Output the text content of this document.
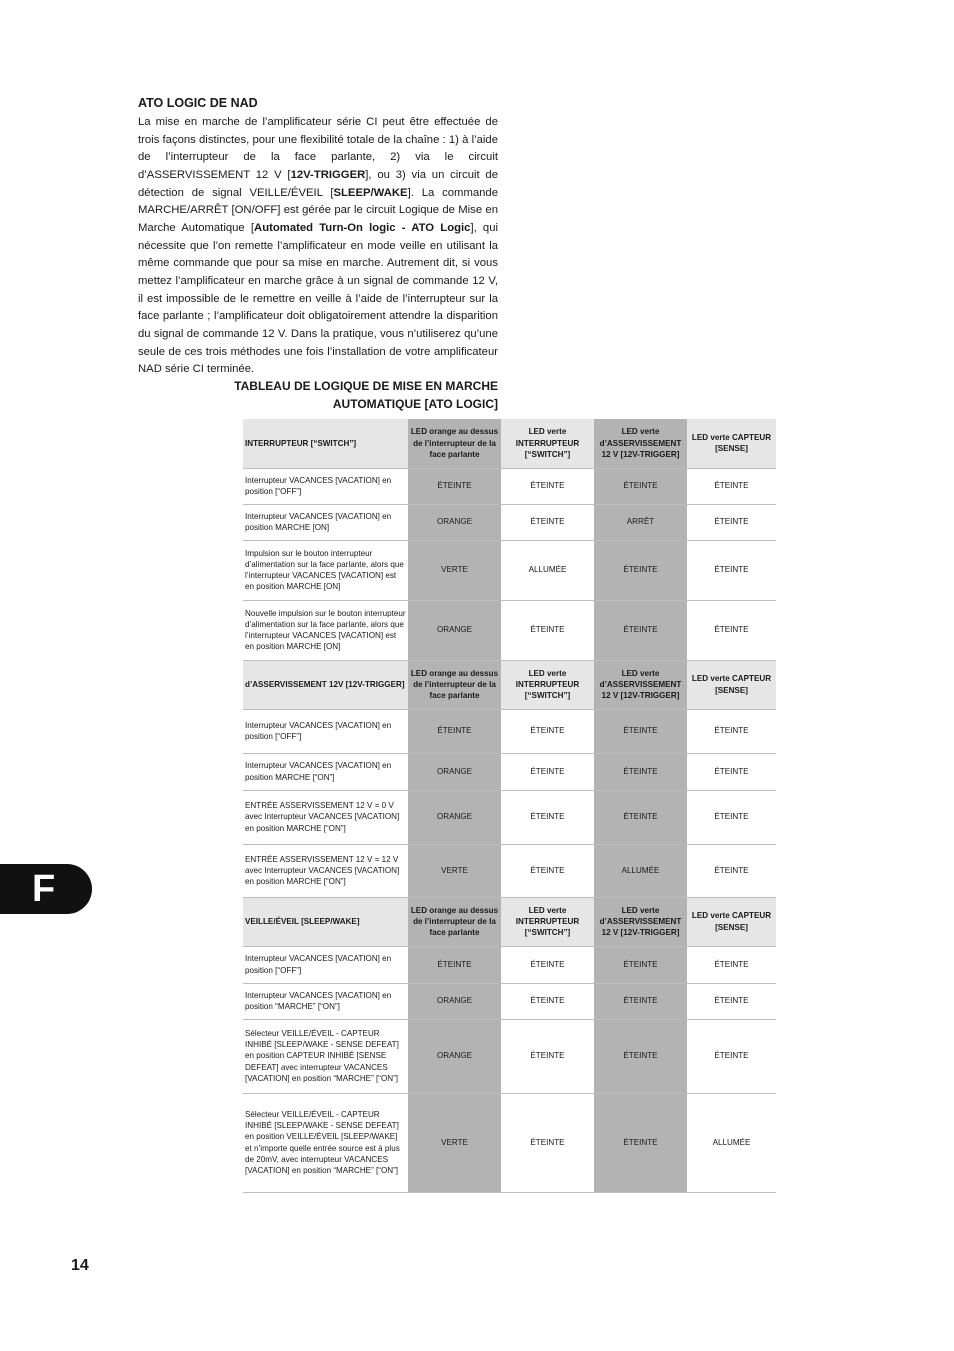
ATO LOGIC DE NAD

La mise en marche de l’amplificateur série CI peut être effectuée de trois façons distinctes, pour une flexibilité totale de la chaîne : 1) à l’aide de l’interrupteur de la face parlante, 2) via le circuit d’ASSERVISSEMENT 12 V [12V-TRIGGER], ou 3) via un circuit de détection de signal VEILLE/ÉVEIL [SLEEP/WAKE]. La commande MARCHE/ARRÊT [ON/OFF] est gérée par le circuit Logique de Mise en Marche Automatique [Automated Turn-On logic - ATO Logic], qui nécessite que l’on remette l’amplificateur en mode veille en utilisant la même commande que pour sa mise en marche. Autrement dit, si vous mettez l’amplificateur en marche grâce à un signal de commande 12 V, il est impossible de le remettre en veille à l’aide de l’interrupteur sur la face parlante ; l’amplificateur doit obligatoirement attendre la disparition du signal de commande 12 V. Dans la pratique, vous n’utiliserez qu’une seule de ces trois méthodes une fois l’installation de votre amplificateur NAD série CI terminée.

TABLEAU DE LOGIQUE DE MISE EN MARCHE
AUTOMATIQUE [ATO LOGIC]
INTERRUPTEUR [“SWITCH”]	LED orange au dessus de l’interrupteur de la face parlante	LED verte INTERRUPTEUR [“SWITCH”]	LED verte d’ASSERVISSEMENT 12 V [12V-TRIGGER]	LED verte CAPTEUR [SENSE]
Interrupteur VACANCES [VACATION] en position [“OFF”]	ÉTEINTE	ÉTEINTE	ÉTEINTE	ÉTEINTE
Interrupteur VACANCES [VACATION] en position MARCHE [ON]	ORANGE	ÉTEINTE	ARRÊT	ÉTEINTE
Impulsion sur le bouton interrupteur d’alimentation sur la face parlante, alors que l’interrupteur VACANCES [VACATION] est en position MARCHE [ON]	VERTE	ALLUMÉE	ÉTEINTE	ÉTEINTE
Nouvelle impulsion sur le bouton interrupteur d’alimentation sur la face parlante, alors que l’interrupteur VACANCES [VACATION] est en position MARCHE [ON]	ORANGE	ÉTEINTE	ÉTEINTE	ÉTEINTE
d’ASSERVISSEMENT 12V [12V-TRIGGER]	LED orange au dessus de l’interrupteur de la face parlante	LED verte INTERRUPTEUR [“SWITCH”]	LED verte d’ASSERVISSEMENT 12 V [12V-TRIGGER]	LED verte CAPTEUR [SENSE]
Interrupteur VACANCES [VACATION] en position [“OFF”]	ÉTEINTE	ÉTEINTE	ÉTEINTE	ÉTEINTE
Interrupteur VACANCES [VACATION] en position MARCHE [“ON”]	ORANGE	ÉTEINTE	ÉTEINTE	ÉTEINTE
ENTRÉE ASSERVISSEMENT 12 V = 0 V avec Interrupteur VACANCES [VACATION] en position MARCHE [“ON”]	ORANGE	ÉTEINTE	ÉTEINTE	ÉTEINTE
ENTRÉE ASSERVISSEMENT 12 V = 12 V avec Interrupteur VACANCES [VACATION] en position MARCHE [“ON”]	VERTE	ÉTEINTE	ALLUMÉE	ÉTEINTE
VEILLE/ÉVEIL [SLEEP/WAKE]	LED orange au dessus de l’interrupteur de la face parlante	LED verte INTERRUPTEUR [“SWITCH”]	LED verte d’ASSERVISSEMENT 12 V [12V-TRIGGER]	LED verte CAPTEUR [SENSE]
Interrupteur VACANCES [VACATION] en position [“OFF”]	ÉTEINTE	ÉTEINTE	ÉTEINTE	ÉTEINTE
Interrupteur VACANCES [VACATION] en position “MARCHE” [“ON”]	ORANGE	ÉTEINTE	ÉTEINTE	ÉTEINTE
Sélecteur VEILLE/ÉVEIL - CAPTEUR INHIBÉ [SLEEP/WAKE - SENSE DEFEAT] en position CAPTEUR INHIBÉ [SENSE DEFEAT] avec interrupteur VACANCES [VACATION] en position “MARCHE” [“ON”]	ORANGE	ÉTEINTE	ÉTEINTE	ÉTEINTE
Sélecteur VEILLE/ÉVEIL - CAPTEUR INHIBÉ [SLEEP/WAKE - SENSE DEFEAT] en position VEILLE/ÉVEIL [SLEEP/WAKE] et n’importe quelle entrée source est à plus de 20mV, avec interrupteur VACANCES [VACATION] en position “MARCHE” [“ON”]	VERTE	ÉTEINTE	ÉTEINTE	ALLUMÉE
F
14
